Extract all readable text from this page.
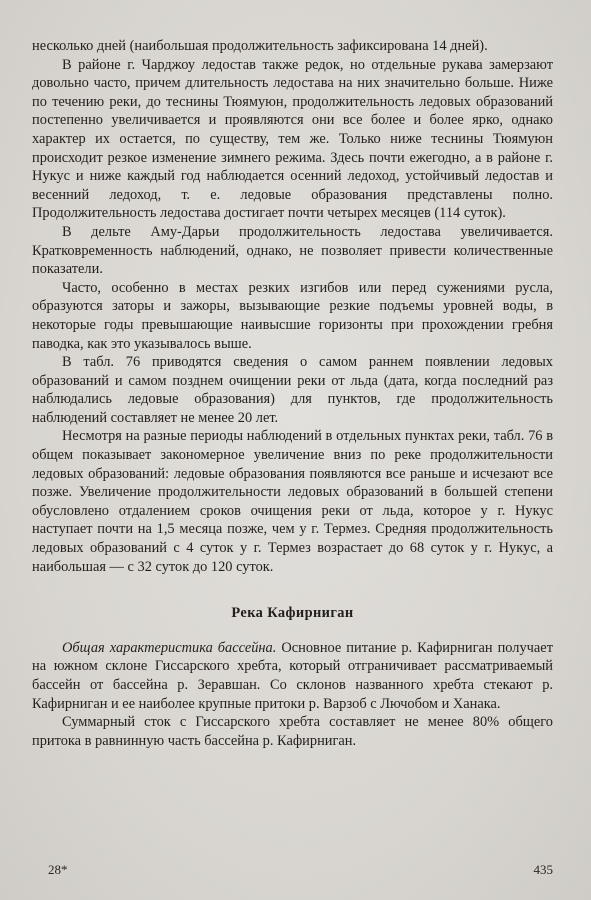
несколько дней (наибольшая продолжительность зафиксирована 14 дней).

В районе г. Чарджоу ледостав также редок, но отдельные рукава замерзают довольно часто, причем длительность ледостава на них значительно больше. Ниже по течению реки, до теснины Тюямуюн, продолжительность ледовых образований постепенно увеличивается и проявляются они все более и более ярко, однако характер их остается, по существу, тем же. Только ниже теснины Тюямуюн происходит резкое изменение зимнего режима. Здесь почти ежегодно, а в районе г. Нукус и ниже каждый год наблюдается осенний ледоход, устойчивый ледостав и весенний ледоход, т. е. ледовые образования представлены полно. Продолжительность ледостава достигает почти четырех месяцев (114 суток).

В дельте Аму-Дарьи продолжительность ледостава увеличивается. Кратковременность наблюдений, однако, не позволяет привести количественные показатели.

Часто, особенно в местах резких изгибов или перед сужениями русла, образуются заторы и зажоры, вызывающие резкие подъемы уровней воды, в некоторые годы превышающие наивысшие горизонты при прохождении гребня паводка, как это указывалось выше.

В табл. 76 приводятся сведения о самом раннем появлении ледовых образований и самом позднем очищении реки от льда (дата, когда последний раз наблюдались ледовые образования) для пунктов, где продолжительность наблюдений составляет не менее 20 лет.

Несмотря на разные периоды наблюдений в отдельных пунктах реки, табл. 76 в общем показывает закономерное увеличение вниз по реке продолжительности ледовых образований: ледовые образования появляются все раньше и исчезают все позже. Увеличение продолжительности ледовых образований в большей степени обусловлено отдалением сроков очищения реки от льда, которое у г. Нукус наступает почти на 1,5 месяца позже, чем у г. Термез. Средняя продолжительность ледовых образований с 4 суток у г. Термез возрастает до 68 суток у г. Нукус, а наибольшая — с 32 суток до 120 суток.

Река Кафирниган

Общая характеристика бассейна. Основное питание р. Кафирниган получает на южном склоне Гиссарского хребта, который отграничивает рассматриваемый бассейн от бассейна р. Зеравшан. Со склонов названного хребта стекают р. Кафирниган и ее наиболее крупные притоки р. Варзоб с Лючобом и Ханака.

Суммарный сток с Гиссарского хребта составляет не менее 80% общего притока в равнинную часть бассейна р. Кафирниган.

28*	435
